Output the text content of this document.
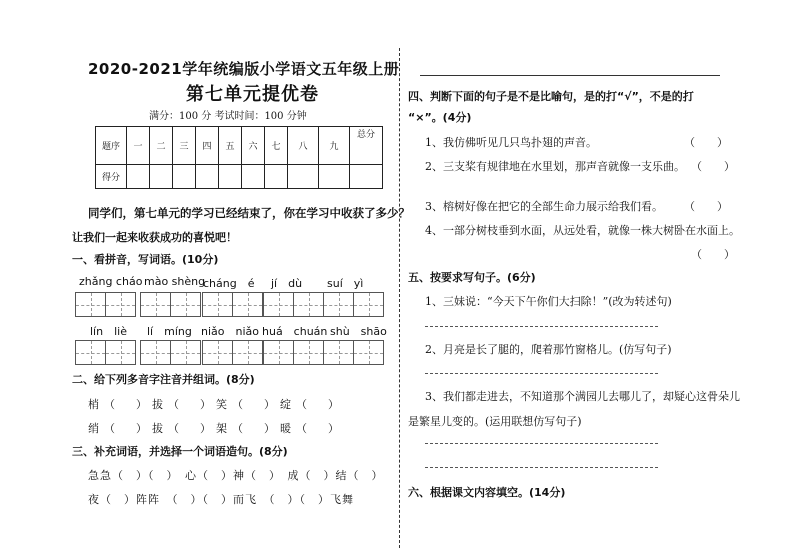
2020-2021学年统编版小学语文五年级上册
第七单元提优卷
满分：100 分 考试时间：100 分钟
题序	一	二	三	四	五	六	七	八	九	总分
得分										
同学们，第七单元的学习已经结束了，你在学习中收获了多少？
让我们一起来收获成功的喜悦吧！
一、看拼音，写词语。(10分)
zhǎng cháo mào shèng
cháng　é jí　dù suí　yì
lín　liè lí　míng niǎo　niǎo huá　chuán shù　shāo
二、给下列多音字注音并组词。(8分)
梢（　）拔（　）笑（　）绽（　）
绡（　）拔（　）架（　）暖（　）
三、补充词语，并选择一个词语造句。(8分)
急急（　）（　）　心（　）神（　）　成（　）结（　）
夜（　）阵阵　（　）（　）而飞　（　）（　）飞舞
四、判断下面的句子是不是比喻句，是的打“√”，不是的打
“×”。(4分)
1、我仿佛听见几只鸟扑翅的声音。	（　　）
2、三支桨有规律地在水里划，那声音就像一支乐曲。 （　　）
3、榕树好像在把它的全部生命力展示给我们看。 （　　）
4、一部分树枝垂到水面，从远处看，就像一株大树卧在水面上。
（　　）
五、按要求写句子。(6分)
1、三妹说：“今天下午你们大扫除！”(改为转述句)
2、月亮是长了腿的，爬着那竹窗格儿。(仿写句子)
3、我们都走进去，不知道那个满园儿去哪儿了，却疑心这骨朵儿
是繁星儿变的。(运用联想仿写句子)
六、根据课文内容填空。(14分)
